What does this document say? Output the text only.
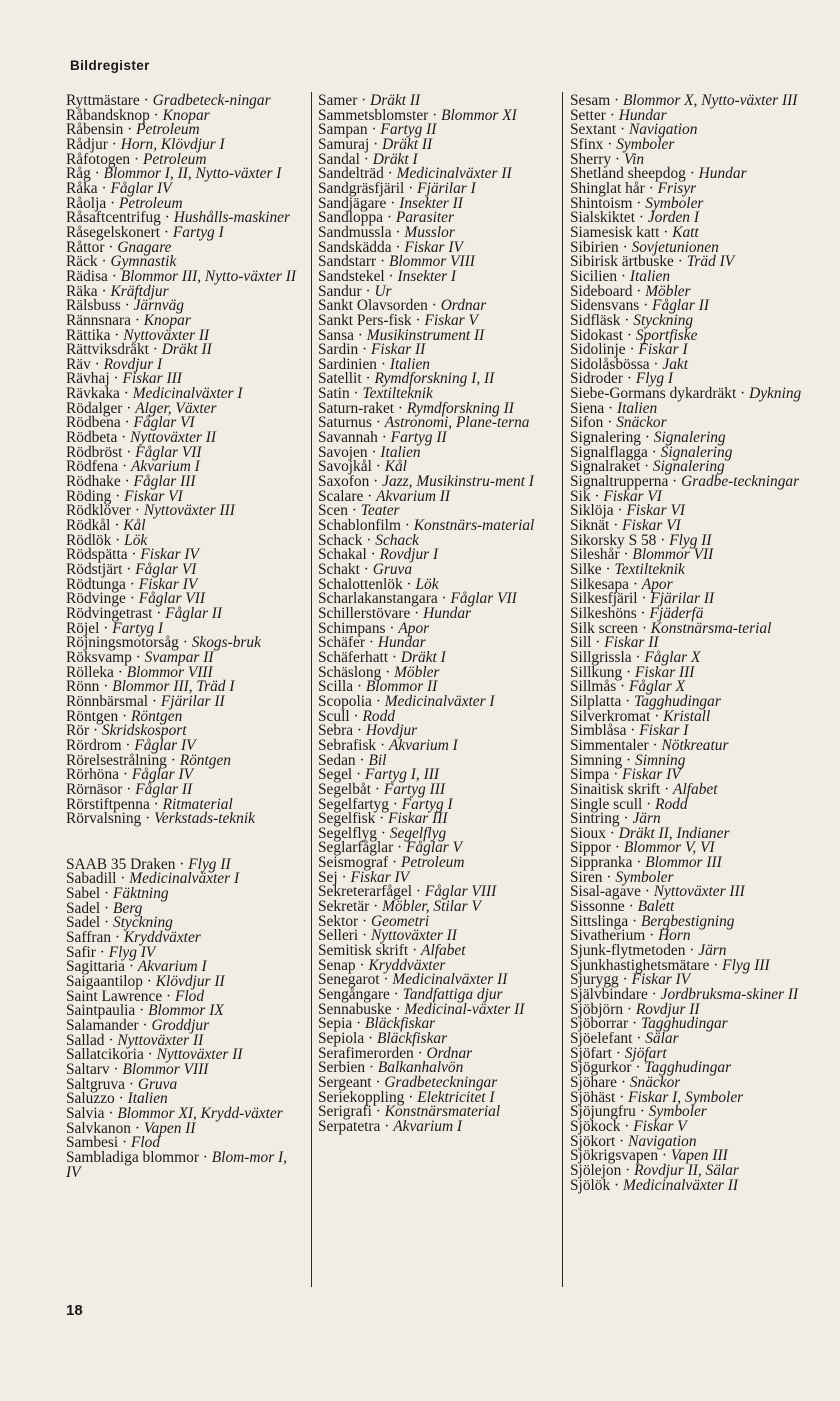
Bildregister
Ryttmästare · Gradbeteck-ningar
Råbandsknop · Knopar
Råbensin · Petroleum
Rådjur · Horn, Klövdjur I
Råfotogen · Petroleum
Råg · Blommor I, II, Nytto-växter I
Råka · Fåglar IV
Råolja · Petroleum
Råsaftcentrifug · Hushålls-maskiner
Råsegelskonert · Fartyg I
Råttor · Gnagare
Räck · Gymnastik
Rädisa · Blommor III, Nytto-växter II
Räka · Kräftdjur
Rälsbuss · Järnväg
Rännsnara · Knopar
Rättika · Nyttoväxter II
Rättviksdräkt · Dräkt II
Räv · Rovdjur I
Rävhaj · Fiskar III
Rävkaka · Medicinalväxter I
Rödalger · Alger, Växter
Rödbena · Fåglar VI
Rödbeta · Nyttoväxter II
Rödbröst · Fåglar VII
Rödfena · Akvarium I
Rödhake · Fåglar III
Röding · Fiskar VI
Rödklöver · Nyttoväxter III
Rödkål · Kål
Rödlök · Lök
Rödspätta · Fiskar IV
Rödstjärt · Fåglar VI
Rödtunga · Fiskar IV
Rödvinge · Fåglar VII
Rödvingetrast · Fåglar II
Röjel · Fartyg I
Röjningsmotorsåg · Skogs-bruk
Röksvamp · Svampar II
Rölleka · Blommor VIII
Rönn · Blommor III, Träd I
Rönnbärsmal · Fjärilar II
Röntgen · Röntgen
Rör · Skridskosport
Rördrom · Fåglar IV
Rörelsestrålning · Röntgen
Rörhöna · Fåglar IV
Rörnäsor · Fåglar II
Rörstiftpenna · Ritmaterial
Rörvalsning · Verkstads-teknik
SAAB 35 Draken · Flyg II
Sabadill · Medicinalväxter I
Sabel · Fäktning
Sadel · Berg
Sadel · Styckning
Saffran · Kryddväxter
Safir · Flyg IV
Sagittaria · Akvarium I
Saigaantilop · Klövdjur II
Saint Lawrence · Flod
Saintpaulia · Blommor IX
Salamander · Groddjur
Sallad · Nyttoväxter II
Sallatcikoria · Nyttoväxter II
Saltarv · Blommor VIII
Saltgruva · Gruva
Saluzzo · Italien
Salvia · Blommor XI, Krydd-växter
Salvkanon · Vapen II
Sambesi · Flod
Sambladiga blommor · Blom-mor I, IV
Samer · Dräkt II
Sammetsblomster · Blommor XI
Sampan · Fartyg II
Samuraj · Dräkt II
Sandal · Dräkt I
Sandelträd · Medicinalväxter II
Sandgräsfjäril · Fjärilar I
Sandjägare · Insekter II
Sandloppa · Parasiter
Sandmussla · Musslor
Sandskädda · Fiskar IV
Sandstarr · Blommor VIII
Sandstekel · Insekter I
Sandur · Ur
Sankt Olavsorden · Ordnar
Sankt Pers-fisk · Fiskar V
Sansa · Musikinstrument II
Sardin · Fiskar II
Sardinien · Italien
Satellit · Rymdforskning I, II
Satin · Textilteknik
Saturn-raket · Rymdforskning II
Saturnus · Astronomi, Plane-terna
Savannah · Fartyg II
Savojen · Italien
Savojkål · Kål
Saxofon · Jazz, Musikinstru-ment I
Scalare · Akvarium II
Scen · Teater
Schablonfilm · Konstnärs-material
Schack · Schack
Schakal · Rovdjur I
Schakt · Gruva
Schalottenlök · Lök
Scharlakanstangara · Fåglar VII
Schillerstövare · Hundar
Schimpans · Apor
Schäfer · Hundar
Schäferhatt · Dräkt I
Schäslong · Möbler
Scilla · Blommor II
Scopolia · Medicinalväxter I
Scull · Rodd
Sebra · Hovdjur
Sebrafisk · Akvarium I
Sedan · Bil
Segel · Fartyg I, III
Segelbåt · Fartyg III
Segelfartyg · Fartyg I
Segelfisk · Fiskar III
Segelflyg · Segelflyg
Seglarfåglar · Fåglar V
Seismograf · Petroleum
Sej · Fiskar IV
Sekreterarfågel · Fåglar VIII
Sekretär · Möbler, Stilar V
Sektor · Geometri
Selleri · Nyttoväxter II
Semitisk skrift · Alfabet
Senap · Kryddväxter
Senegarot · Medicinalväxter II
Sengångare · Tandfattiga djur
Sennabuske · Medicinal-växter II
Sepia · Bläckfiskar
Sepiola · Bläckfiskar
Serafimerorden · Ordnar
Serbien · Balkanhalvön
Sergeant · Gradbeteckningar
Seriekoppling · Elektricitet I
Serigrafi · Konstnärsmaterial
Serpatetra · Akvarium I
Sesam · Blommor X, Nytto-växter III
Setter · Hundar
Sextant · Navigation
Sfinx · Symboler
Sherry · Vin
Shetland sheepdog · Hundar
Shinglat hår · Frisyr
Shintoism · Symboler
Sialskiktet · Jorden I
Siamesisk katt · Katt
Sibirien · Sovjetunionen
Sibirisk ärtbuske · Träd IV
Sicilien · Italien
Sideboard · Möbler
Sidensvans · Fåglar II
Sidfläsk · Styckning
Sidokast · Sportfiske
Sidolinje · Fiskar I
Sidolåsbössa · Jakt
Sidroder · Flyg I
Siebe-Gormans dykardräkt · Dykning
Siena · Italien
Sifon · Snäckor
Signalering · Signalering
Signalflagga · Signalering
Signalraket · Signalering
Signaltrupperna · Gradbe-teckningar
Sik · Fiskar VI
Siklöja · Fiskar VI
Siknät · Fiskar VI
Sikorsky S 58 · Flyg II
Sileshår · Blommor VII
Silke · Textilteknik
Silkesapa · Apor
Silkesfjäril · Fjärilar II
Silkeshöns · Fjäderfä
Silk screen · Konstnärsma-terial
Sill · Fiskar II
Sillgrissla · Fåglar X
Sillkung · Fiskar III
Sillmås · Fåglar X
Silplatta · Tagghudingar
Silverkromat · Kristall
Simblåsa · Fiskar I
Simmentaler · Nötkreatur
Simning · Simning
Simpa · Fiskar IV
Sinaitisk skrift · Alfabet
Single scull · Rodd
Sintring · Järn
Sioux · Dräkt II, Indianer
Sippor · Blommor V, VI
Sippranka · Blommor III
Siren · Symboler
Sisal-agave · Nyttoväxter III
Sissonne · Balett
Sittslinga · Bergbestigning
Sivatherium · Horn
Sjunk-flytmetoden · Järn
Sjunkhastighetsmätare · Flyg III
Sjurygg · Fiskar IV
Självbindare · Jordbruksma-skiner II
Sjöbjörn · Rovdjur II
Sjöborrar · Tagghudingar
Sjöelefant · Sälar
Sjöfart · Sjöfart
Sjögurkor · Tagghudingar
Sjöhare · Snäckor
Sjöhäst · Fiskar I, Symboler
Sjöjungfru · Symboler
Sjökock · Fiskar V
Sjökort · Navigation
Sjökrigsvapen · Vapen III
Sjölejon · Rovdjur II, Sälar
Sjölök · Medicinalväxter II
18
